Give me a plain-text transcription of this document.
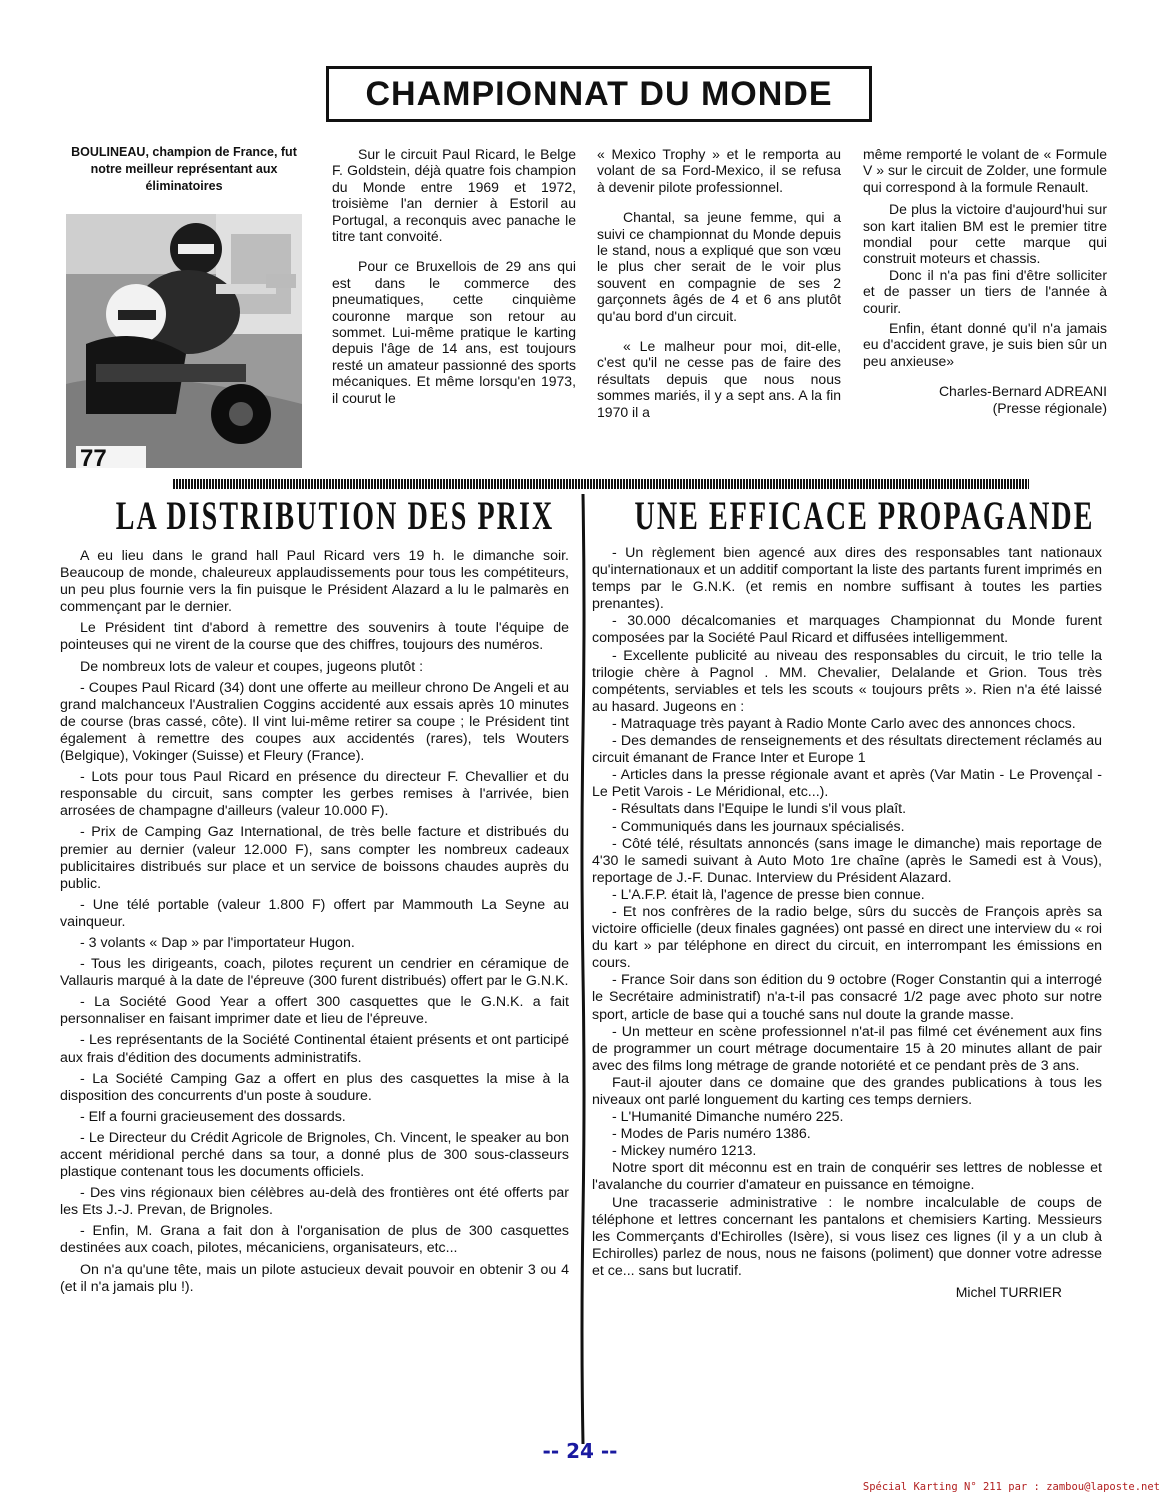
CHAMPIONNAT DU MONDE
BOULINEAU, champion de France, fut notre meilleur représentant aux éliminatoires
77

Sur le circuit Paul Ricard, le Belge F. Goldstein, déjà quatre fois champion du Monde entre 1969 et 1972, troisième l'an dernier à Estoril au Portugal, a reconquis avec panache le titre tant convoité.

Pour ce Bruxellois de 29 ans qui est dans le commerce des pneumatiques, cette cinquième couronne marque son retour au sommet. Lui-même pratique le karting depuis l'âge de 14 ans, est toujours resté un amateur passionné des sports mécaniques. Et même lorsqu'en 1973, il courut le

« Mexico Trophy » et le remporta au volant de sa Ford-Mexico, il se refusa à devenir pilote professionnel.

Chantal, sa jeune femme, qui a suivi ce championnat du Monde depuis le stand, nous a expliqué que son vœu le plus cher serait de le voir plus souvent en compagnie de ses 2 garçonnets âgés de 4 et 6 ans plutôt qu'au bord d'un circuit.

« Le malheur pour moi, dit-elle, c'est qu'il ne cesse pas de faire des résultats depuis que nous nous sommes mariés, il y a sept ans. A la fin 1970 il a

même remporté le volant de « Formule V » sur le circuit de Zolder, une formule qui correspond à la formule Renault.

De plus la victoire d'aujourd'hui sur son kart italien BM est le premier titre mondial pour cette marque qui construit moteurs et chassis.

Donc il n'a pas fini d'être solliciter et de passer un tiers de l'année à courir.

Enfin, étant donné qu'il n'a jamais eu d'accident grave, je suis bien sûr un peu anxieuse»

Charles-Bernard ADREANI
(Presse régionale)
LA DISTRIBUTION DES PRIX UNE EFFICACE PROPAGANDE

A eu lieu dans le grand hall Paul Ricard vers 19 h. le dimanche soir. Beaucoup de monde, chaleureux applaudissements pour tous les compétiteurs, un peu plus fournie vers la fin puisque le Président Alazard a lu le palmarès en commençant par le dernier.

Le Président tint d'abord à remettre des souvenirs à toute l'équipe de pointeuses qui ne virent de la course que des chiffres, toujours des numéros.

De nombreux lots de valeur et coupes, jugeons plutôt :

- Coupes Paul Ricard (34) dont une offerte au meilleur chrono De Angeli et au grand malchanceux l'Australien Coggins accidenté aux essais après 10 minutes de course (bras cassé, côte). Il vint lui-même retirer sa coupe ; le Président tint également à remettre des coupes aux accidentés (rares), tels Wouters (Belgique), Vokinger (Suisse) et Fleury (France).

- Lots pour tous Paul Ricard en présence du directeur F. Chevallier et du responsable du circuit, sans compter les gerbes remises à l'arrivée, bien arrosées de champagne d'ailleurs (valeur 10.000 F).

- Prix de Camping Gaz International, de très belle facture et distribués du premier au dernier (valeur 12.000 F), sans compter les nombreux cadeaux publicitaires distribués sur place et un service de boissons chaudes auprès du public.

- Une télé portable (valeur 1.800 F) offert par Mammouth La Seyne au vainqueur.

- 3 volants « Dap » par l'importateur Hugon.

- Tous les dirigeants, coach, pilotes reçurent un cendrier en céramique de Vallauris marqué à la date de l'épreuve (300 furent distribués) offert par le G.N.K.

- La Société Good Year a offert 300 casquettes que le G.N.K. a fait personnaliser en faisant imprimer date et lieu de l'épreuve.

- Les représentants de la Société Continental étaient présents et ont participé aux frais d'édition des documents administratifs.

- La Société Camping Gaz a offert en plus des casquettes la mise à la disposition des concurrents d'un poste à soudure.

- Elf a fourni gracieusement des dossards.

- Le Directeur du Crédit Agricole de Brignoles, Ch. Vincent, le speaker au bon accent méridional perché dans sa tour, a donné plus de 300 sous-classeurs plastique contenant tous les documents officiels.

- Des vins régionaux bien célèbres au-delà des frontières ont été offerts par les Ets J.-J. Prevan, de Brignoles.

- Enfin, M. Grana a fait don à l'organisation de plus de 300 casquettes destinées aux coach, pilotes, mécaniciens, organisateurs, etc...

On n'a qu'une tête, mais un pilote astucieux devait pouvoir en obtenir 3 ou 4 (et il n'a jamais plu !).

- Un règlement bien agencé aux dires des responsables tant nationaux qu'internationaux et un additif comportant la liste des partants furent imprimés en temps par le G.N.K. (et remis en nombre suffisant à toutes les parties prenantes).

- 30.000 décalcomanies et marquages Championnat du Monde furent composées par la Société Paul Ricard et diffusées intelligemment.

- Excellente publicité au niveau des responsables du circuit, le trio telle la trilogie chère à Pagnol . MM. Chevalier, Delalande et Grion. Tous très compétents, serviables et tels les scouts « toujours prêts ». Rien n'a été laissé au hasard. Jugeons en :

- Matraquage très payant à Radio Monte Carlo avec des annonces chocs.

- Des demandes de renseignements et des résultats directement réclamés au circuit émanant de France Inter et Europe 1

- Articles dans la presse régionale avant et après (Var Matin - Le Provençal - Le Petit Varois - Le Méridional, etc...).

- Résultats dans l'Equipe le lundi s'il vous plaît.

- Communiqués dans les journaux spécialisés.

- Côté télé, résultats annoncés (sans image le dimanche) mais reportage de 4'30 le samedi suivant à Auto Moto 1re chaîne (après le Samedi est à Vous), reportage de J.-F. Dunac. Interview du Président Alazard.

- L'A.F.P. était là, l'agence de presse bien connue.

- Et nos confrères de la radio belge, sûrs du succès de François après sa victoire officielle (deux finales gagnées) ont passé en direct une interview du « roi du kart » par téléphone en direct du circuit, en interrompant les émissions en cours.

- France Soir dans son édition du 9 octobre (Roger Constantin qui a interrogé le Secrétaire administratif) n'a-t-il pas consacré 1/2 page avec photo sur notre sport, article de base qui a touché sans nul doute la grande masse.

- Un metteur en scène professionnel n'at-il pas filmé cet événement aux fins de programmer un court métrage documentaire 15 à 20 minutes allant de pair avec des films long métrage de grande notoriété et ce pendant près de 3 ans.

Faut-il ajouter dans ce domaine que des grandes publications à tous les niveaux ont parlé longuement du karting ces temps derniers.

- L'Humanité Dimanche numéro 225.

- Modes de Paris numéro 1386.

- Mickey numéro 1213.

Notre sport dit méconnu est en train de conquérir ses lettres de noblesse et l'avalanche du courrier d'amateur en puissance en témoigne.

Une tracasserie administrative : le nombre incalculable de coups de téléphone et lettres concernant les pantalons et chemisiers Karting. Messieurs les Commerçants d'Echirolles (Isère), si vous lisez ces lignes (il y a un club à Echirolles) parlez de nous, nous ne faisons (poliment) que donner votre adresse et ce... sans but lucratif.

Michel TURRIER
-- 24 --
Spécial Karting N° 211 par : zambou@laposte.net
